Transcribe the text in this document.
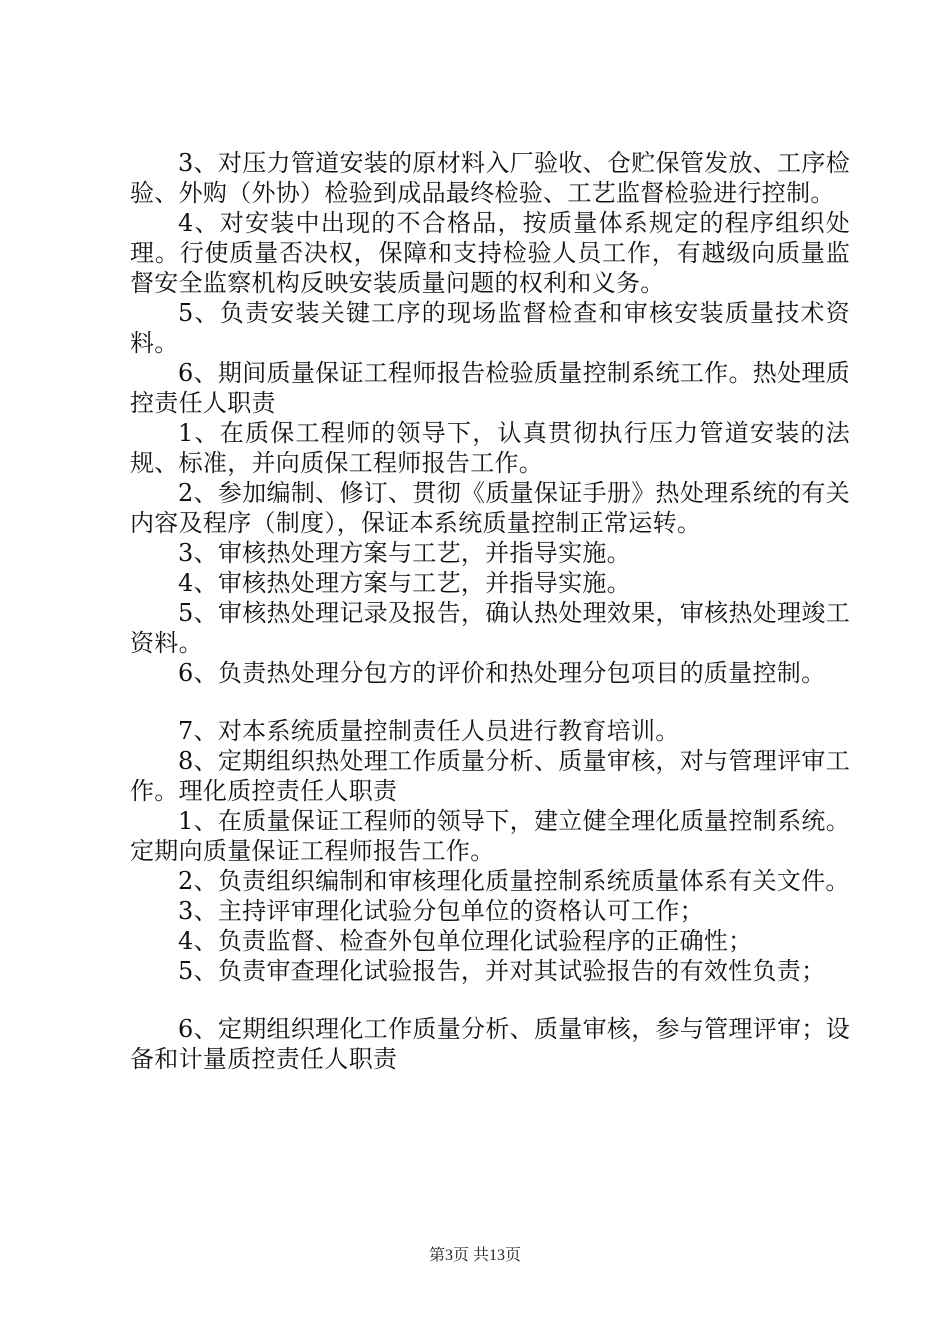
3、对压力管道安装的原材料入厂验收、仓贮保管发放、工序检验、外购（外协）检验到成品最终检验、工艺监督检验进行控制。

4、对安装中出现的不合格品，按质量体系规定的程序组织处理。行使质量否决权，保障和支持检验人员工作，有越级向质量监督安全监察机构反映安装质量问题的权利和义务。

5、负责安装关键工序的现场监督检查和审核安装质量技术资料。

6、期间质量保证工程师报告检验质量控制系统工作。热处理质控责任人职责

1、在质保工程师的领导下，认真贯彻执行压力管道安装的法规、标准，并向质保工程师报告工作。

2、参加编制、修订、贯彻《质量保证手册》热处理系统的有关内容及程序（制度），保证本系统质量控制正常运转。

3、审核热处理方案与工艺，并指导实施。

4、审核热处理方案与工艺，并指导实施。

5、审核热处理记录及报告，确认热处理效果，审核热处理竣工资料。

6、负责热处理分包方的评价和热处理分包项目的质量控制。

7、对本系统质量控制责任人员进行教育培训。

8、定期组织热处理工作质量分析、质量审核，对与管理评审工作。理化质控责任人职责

1、在质量保证工程师的领导下，建立健全理化质量控制系统。定期向质量保证工程师报告工作。

2、负责组织编制和审核理化质量控制系统质量体系有关文件。

3、主持评审理化试验分包单位的资格认可工作；

4、负责监督、检查外包单位理化试验程序的正确性；

5、负责审查理化试验报告，并对其试验报告的有效性负责；

6、定期组织理化工作质量分析、质量审核，参与管理评审；设备和计量质控责任人职责

第3页 共13页
